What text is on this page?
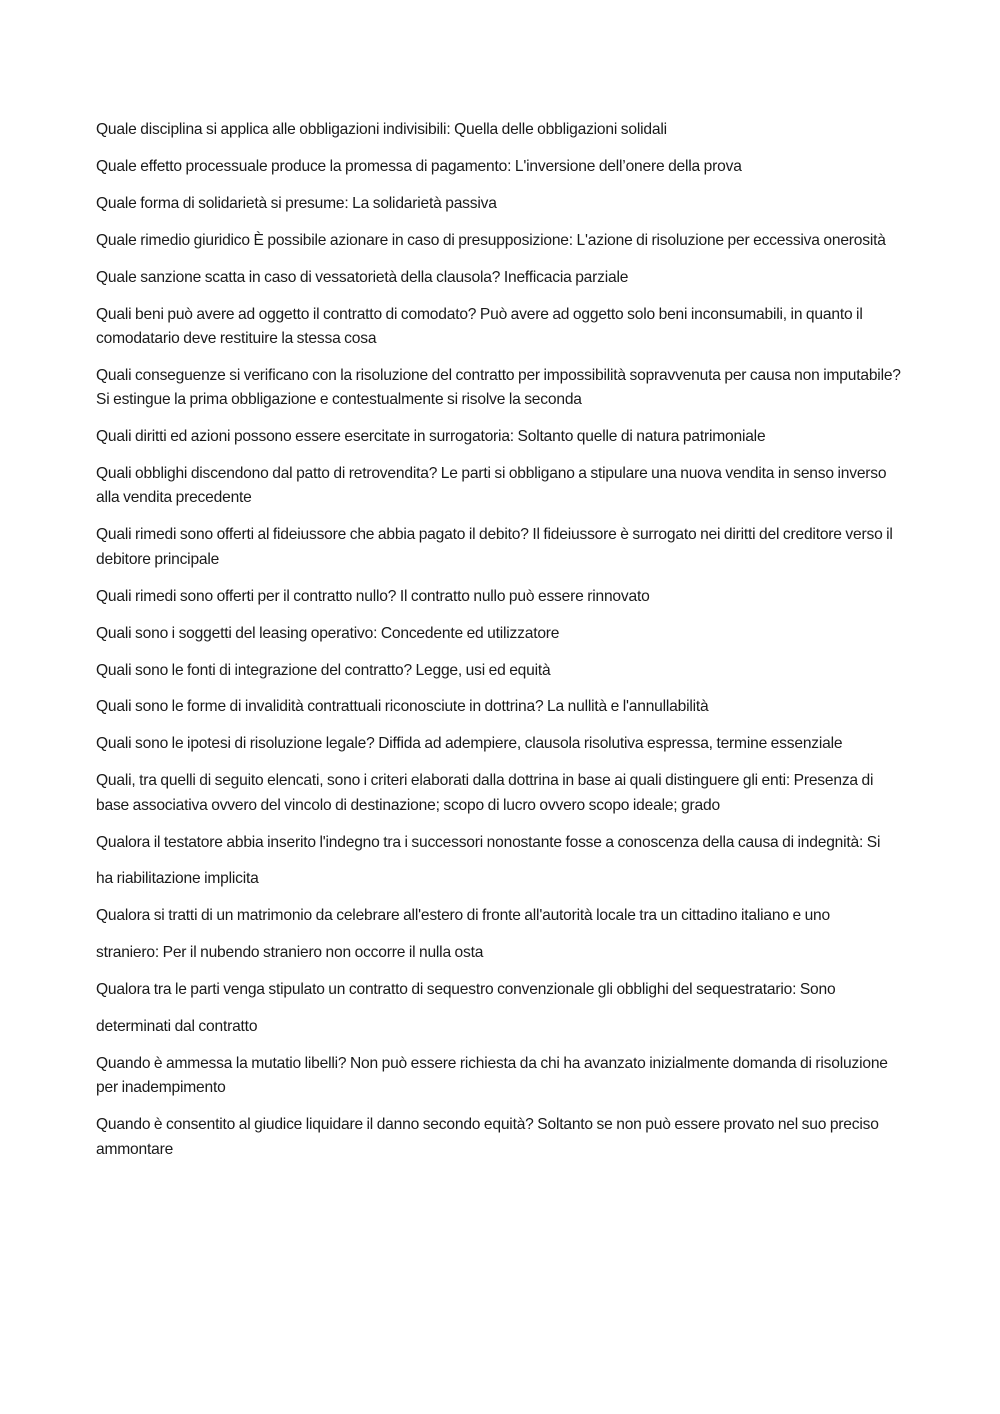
Quale disciplina si applica alle obbligazioni indivisibili: Quella delle obbligazioni solidali

Quale effetto processuale produce la promessa di pagamento: L'inversione dell’onere della prova

Quale forma di solidarietà si presume: La solidarietà passiva

Quale rimedio giuridico È possibile azionare in caso di presupposizione: L'azione di risoluzione per eccessiva onerosità

Quale sanzione scatta in caso di vessatorietà della clausola? Inefficacia parziale

Quali beni può avere ad oggetto il contratto di comodato? Può avere ad oggetto solo beni inconsumabili, in quanto il comodatario deve restituire la stessa cosa

Quali conseguenze si verificano con la risoluzione del contratto per impossibilità sopravvenuta per causa non imputabile? Si estingue la prima obbligazione e contestualmente si risolve la seconda

Quali diritti ed azioni possono essere esercitate in surrogatoria: Soltanto quelle di natura patrimoniale

Quali obblighi discendono dal patto di retrovendita? Le parti si obbligano a stipulare una nuova vendita in senso inverso alla vendita precedente

Quali rimedi sono offerti al fideiussore che abbia pagato il debito? Il fideiussore è surrogato nei diritti del creditore verso il debitore principale

Quali rimedi sono offerti per il contratto nullo? Il contratto nullo può essere rinnovato

Quali sono i soggetti del leasing operativo: Concedente ed utilizzatore

Quali sono le fonti di integrazione del contratto? Legge, usi ed equità

Quali sono le forme di invalidità contrattuali riconosciute in dottrina? La nullità e l'annullabilità

Quali sono le ipotesi di risoluzione legale? Diffida ad adempiere, clausola risolutiva espressa, termine essenziale

Quali, tra quelli di seguito elencati, sono i criteri elaborati dalla dottrina in base ai quali distinguere gli enti: Presenza di base associativa ovvero del vincolo di destinazione; scopo di lucro ovvero scopo ideale; grado

Qualora il testatore abbia inserito l'indegno tra i successori nonostante fosse a conoscenza della causa di indegnità: Si

ha riabilitazione implicita

Qualora si tratti di un matrimonio da celebrare all'estero di fronte all'autorità locale tra un cittadino italiano e uno

straniero: Per il nubendo straniero non occorre il nulla osta

Qualora tra le parti venga stipulato un contratto di sequestro convenzionale gli obblighi del sequestratario: Sono

determinati dal contratto

Quando è ammessa la mutatio libelli? Non può essere richiesta da chi ha avanzato inizialmente domanda di risoluzione per inadempimento

Quando è consentito al giudice liquidare il danno secondo equità? Soltanto se non può essere provato nel suo preciso ammontare
